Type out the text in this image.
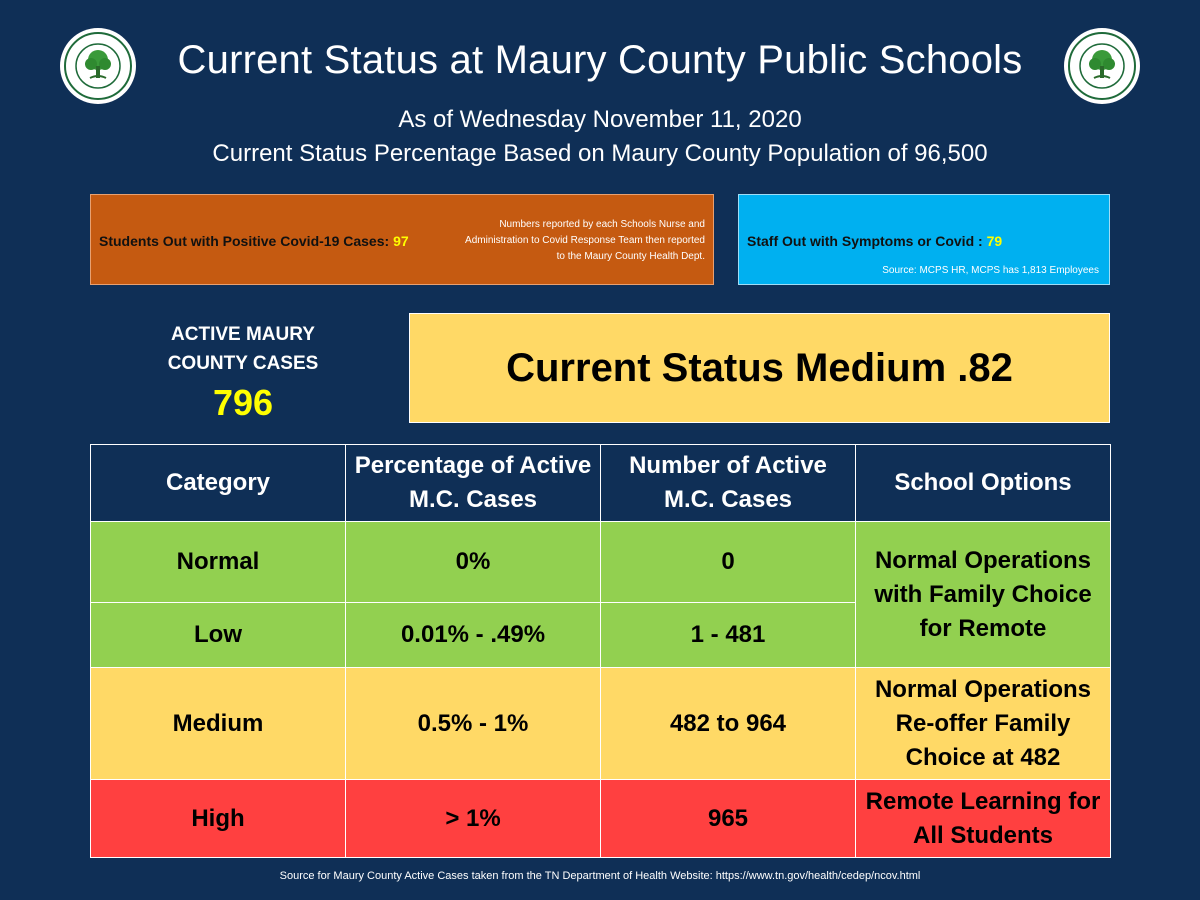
Current Status at Maury County Public Schools
As of Wednesday November 11, 2020
Current Status Percentage Based on Maury County Population of 96,500
Students Out with Positive Covid-19 Cases: 97
Numbers reported by each Schools Nurse and Administration to Covid Response Team then reported to the Maury County Health Dept.
Staff Out with Symptoms or Covid : 79
Source: MCPS HR, MCPS has 1,813 Employees
ACTIVE MAURY COUNTY CASES
796
Current Status Medium .82
Category	Percentage of Active M.C. Cases	Number of Active M.C. Cases	School Options
Normal	0%	0	Normal Operations with Family Choice for Remote
Low	0.01% - .49%	1 - 481	
Medium	0.5% - 1%	482 to 964	Normal Operations Re-offer Family Choice at 482
High	> 1%	965	Remote Learning for All Students
Source for Maury County Active Cases taken from the TN Department of Health Website: https://www.tn.gov/health/cedep/ncov.html
